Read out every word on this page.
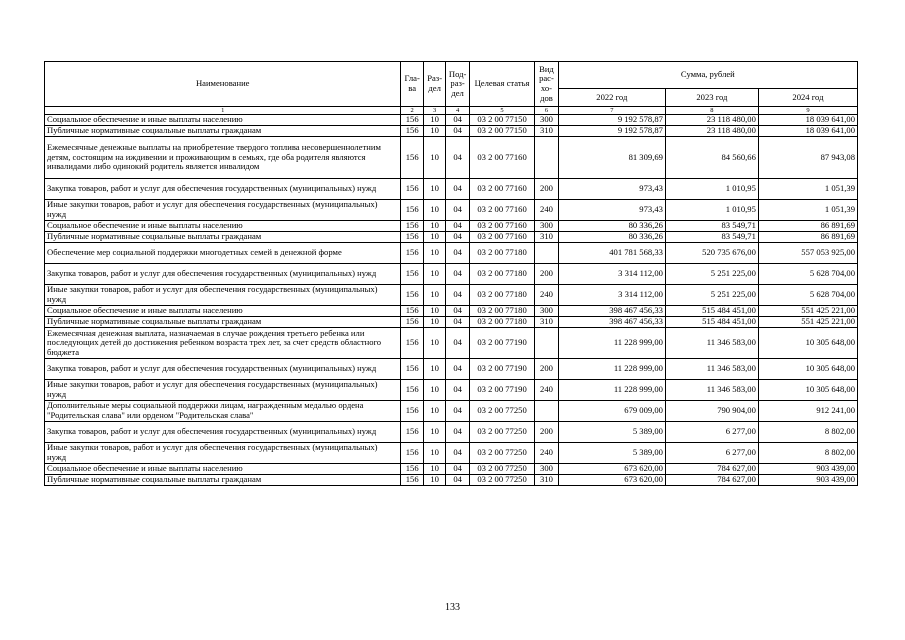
Наименование	Гла-ва	Раз-дел	Под-раз-дел	Целевая статья	Вид рас-хо-дов	Сумма, рублей		
						2022 год	2023 год	2024 год
1	2	3	4	5	6	7	8	9
Социальное обеспечение и иные выплаты населению	156	10	04	03 2 00 77150	300	9 192 578,87	23 118 480,00	18 039 641,00
Публичные нормативные социальные выплаты гражданам	156	10	04	03 2 00 77150	310	9 192 578,87	23 118 480,00	18 039 641,00
Ежемесячные денежные выплаты на приобретение твердого топлива несовершеннолетним детям, состоящим на иждивении и проживающим в семьях, где оба родителя являются инвалидами либо одинокий родитель является инвалидом	156	10	04	03 2 00 77160		81 309,69	84 560,66	87 943,08
Закупка товаров, работ и услуг для обеспечения государственных (муниципальных) нужд	156	10	04	03 2 00 77160	200	973,43	1 010,95	1 051,39
Иные закупки товаров, работ и услуг для обеспечения государственных (муниципальных) нужд	156	10	04	03 2 00 77160	240	973,43	1 010,95	1 051,39
Социальное обеспечение и иные выплаты населению	156	10	04	03 2 00 77160	300	80 336,26	83 549,71	86 891,69
Публичные нормативные социальные выплаты гражданам	156	10	04	03 2 00 77160	310	80 336,26	83 549,71	86 891,69
Обеспечение мер социальной поддержки многодетных семей в денежной форме	156	10	04	03 2 00 77180		401 781 568,33	520 735 676,00	557 053 925,00
Закупка товаров, работ и услуг для обеспечения государственных (муниципальных) нужд	156	10	04	03 2 00 77180	200	3 314 112,00	5 251 225,00	5 628 704,00
Иные закупки товаров, работ и услуг для обеспечения государственных (муниципальных) нужд	156	10	04	03 2 00 77180	240	3 314 112,00	5 251 225,00	5 628 704,00
Социальное обеспечение и иные выплаты населению	156	10	04	03 2 00 77180	300	398 467 456,33	515 484 451,00	551 425 221,00
Публичные нормативные социальные выплаты гражданам	156	10	04	03 2 00 77180	310	398 467 456,33	515 484 451,00	551 425 221,00
Ежемесячная денежная выплата, назначаемая в случае рождения третьего ребенка или последующих детей до достижения ребенком возраста трех лет, за счет средств областного бюджета	156	10	04	03 2 00 77190		11 228 999,00	11 346 583,00	10 305 648,00
Закупка товаров, работ и услуг для обеспечения государственных (муниципальных) нужд	156	10	04	03 2 00 77190	200	11 228 999,00	11 346 583,00	10 305 648,00
Иные закупки товаров, работ и услуг для обеспечения государственных (муниципальных) нужд	156	10	04	03 2 00 77190	240	11 228 999,00	11 346 583,00	10 305 648,00
Дополнительные меры социальной поддержки лицам, награжденным медалью ордена "Родительская слава" или орденом "Родительская слава"	156	10	04	03 2 00 77250		679 009,00	790 904,00	912 241,00
Закупка товаров, работ и услуг для обеспечения государственных (муниципальных) нужд	156	10	04	03 2 00 77250	200	5 389,00	6 277,00	8 802,00
Иные закупки товаров, работ и услуг для обеспечения государственных (муниципальных) нужд	156	10	04	03 2 00 77250	240	5 389,00	6 277,00	8 802,00
Социальное обеспечение и иные выплаты населению	156	10	04	03 2 00 77250	300	673 620,00	784 627,00	903 439,00
Публичные нормативные социальные выплаты гражданам	156	10	04	03 2 00 77250	310	673 620,00	784 627,00	903 439,00
133
